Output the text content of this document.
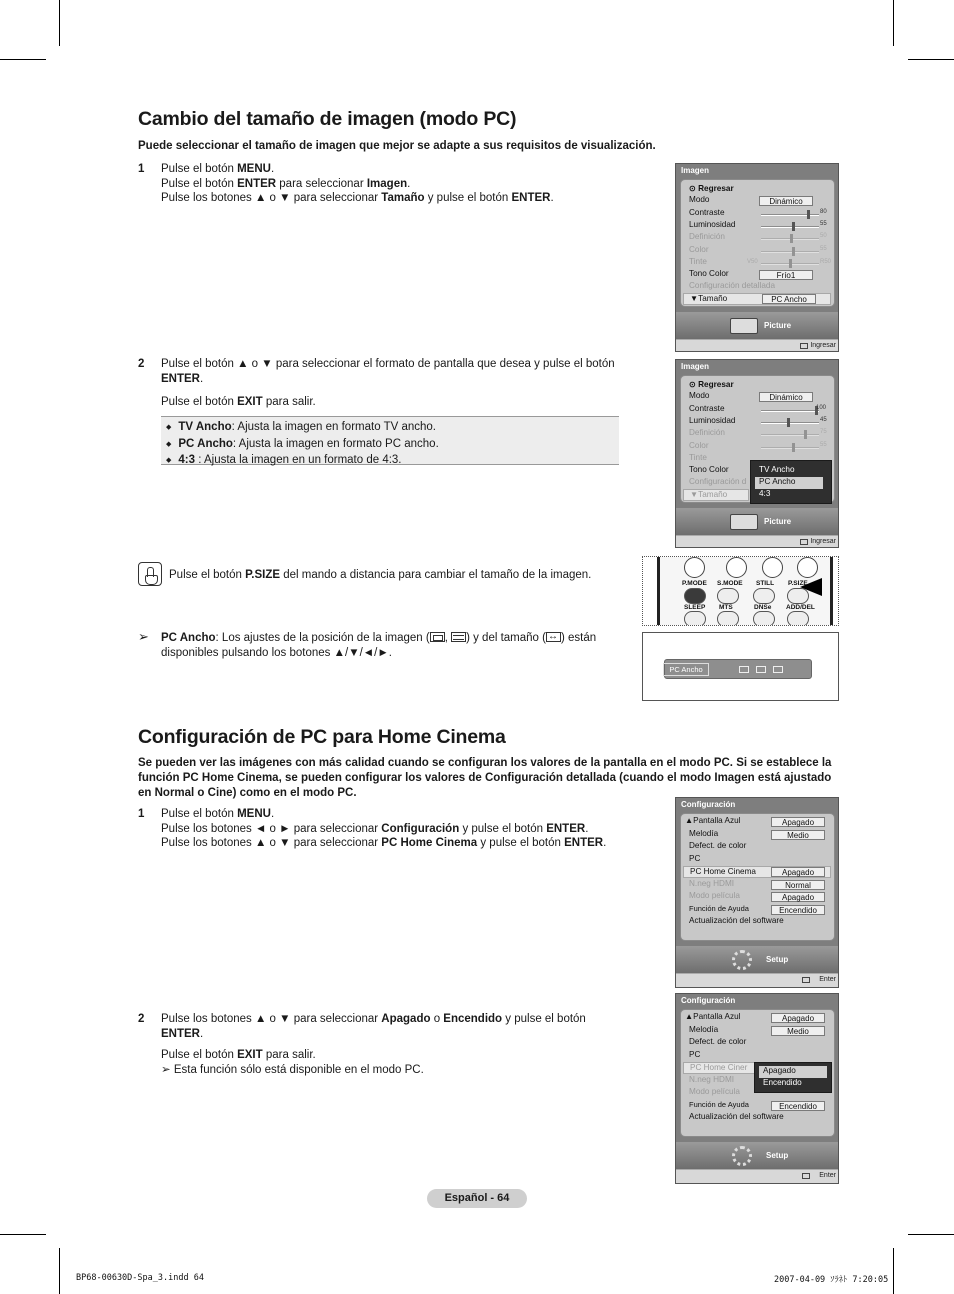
Cambio del tamaño de imagen (modo PC)
Puede seleccionar el tamaño de imagen que mejor se adapte a sus requisitos de visualización.
1 Pulse el botón MENU.

Pulse el botón ENTER para seleccionar Imagen.

Pulse los botones ▲ o ▼ para seleccionar Tamaño y pulse el botón ENTER.

2 Pulse el botón ▲ o ▼ para seleccionar el formato de pantalla que desea y pulse el botón ENTER.

Pulse el botón EXIT para salir.

◆ TV Ancho: Ajusta la imagen en formato TV ancho.
◆ PC Ancho: Ajusta la imagen en formato PC ancho.
◆ 4:3 : Ajusta la imagen en un formato de 4:3.
Pulse el botón P.SIZE del mando a distancia para cambiar el tamaño de la imagen.
➢ PC Ancho: Los ajustes de la posición de la imagen ( , ) y del tamaño ( ↔ ) están
disponibles pulsando los botones ▲/▼/◄/►.
Imagen
⊙ Regresar
Modo	Dinámico
Contraste	80
Luminosidad	55
Definición	50
Color	55
Tinte	V50	R50
Tono Color	Frío1
Configuración detallada
▼Tamaño	PC Ancho
Picture
Ingresar
Imagen
⊙ Regresar
Modo	Dinámico
Contraste	100
Luminosidad	45
Definición	75
Color	55
Tinte
Tono Color
Configuración d
▼Tamaño
TV Ancho
PC Ancho
4:3
Picture
Ingresar
P.MODE S.MODE STILL P.SIZE
SLEEP MTS	DNSe ADD/DEL
PC Ancho
Configuración de PC para Home Cinema
Se pueden ver las imágenes con más calidad cuando se configuran los valores de la pantalla en el modo PC. Si se establece la función PC Home Cinema, se pueden configurar los valores de Configuración detallada (cuando el modo Imagen está ajustado en Normal o Cine) como en el modo PC.
1 Pulse el botón MENU.

Pulse los botones ◄ o ► para seleccionar Configuración y pulse el botón ENTER.

Pulse los botones ▲ o ▼ para seleccionar PC Home Cinema y pulse el botón ENTER.

2 Pulse los botones ▲ o ▼ para seleccionar Apagado o Encendido y pulse el botón ENTER.

Pulse el botón EXIT para salir.

➢ Esta función sólo está disponible en el modo PC.

Configuración
▲Pantalla Azul	Apagado
Melodía	Medio
Defect. de color
PC
PC Home Cinema	Apagado
N.neg HDMI	Normal
Modo película	Apagado
Función de Ayuda	Encendido
Actualización del software
Setup
Enter
Configuración
▲Pantalla Azul	Apagado
Melodía	Medio
Defect. de color
PC
PC Home Ciner
N.neg HDMI
Modo película
Función de Ayuda	Encendido
Actualización del software
Apagado
Encendido
Setup
Enter
Español - 64
BP68-00630D-Spa_3.indd 64	2007-04-09 ｿﾗﾈﾄ 7:20:05
